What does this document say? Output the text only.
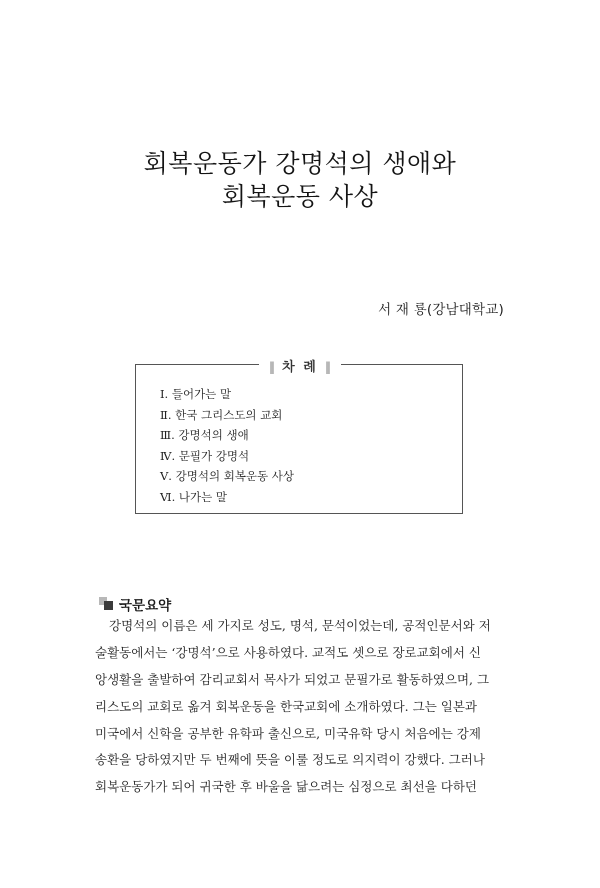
회복운동가 강명석의 생애와
회복운동 사상
서 재 룡(강남대학교)
‖ 차 례 ‖
Ⅰ. 들어가는 말
Ⅱ. 한국 그리스도의 교회
Ⅲ. 강명석의 생애
Ⅳ. 문필가 강명석
Ⅴ. 강명석의 회복운동 사상
Ⅵ. 나가는 말
국문요약
강명석의 이름은 세 가지로 성도, 명석, 문석이었는데, 공적인문서와 저
술활동에서는 ‘강명석’으로 사용하였다. 교적도 셋으로 장로교회에서 신
앙생활을 출발하여 감리교회서 목사가 되었고 문필가로 활동하였으며, 그
리스도의 교회로 옮겨 회복운동을 한국교회에 소개하였다. 그는 일본과
미국에서 신학을 공부한 유학파 출신으로, 미국유학 당시 처음에는 강제
송환을 당하였지만 두 번째에 뜻을 이룰 정도로 의지력이 강했다. 그러나
회복운동가가 되어 귀국한 후 바울을 닮으려는 심정으로 최선을 다하던
